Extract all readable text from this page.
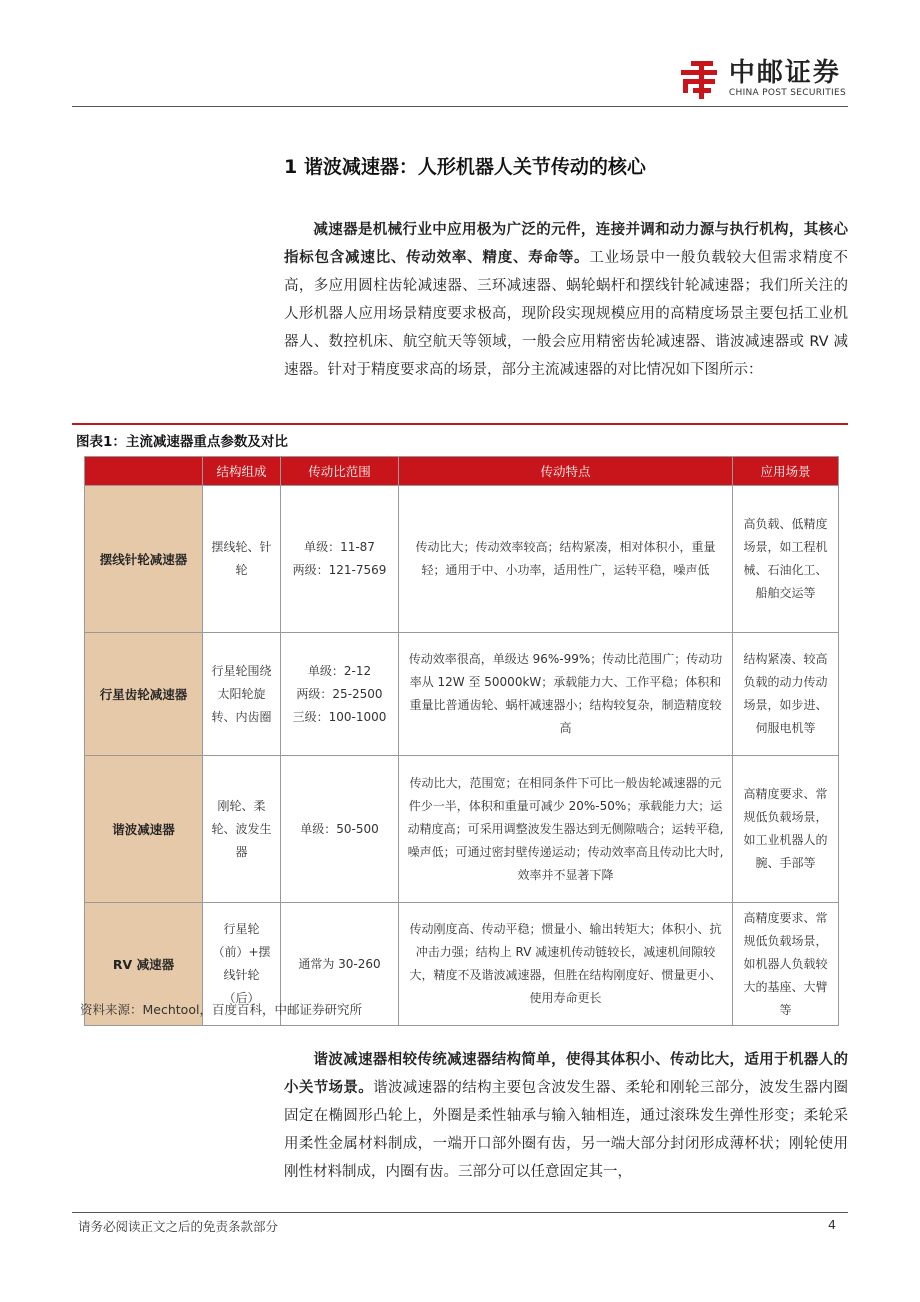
中邮证券
CHINA POST SECURITIES
1 谐波减速器：人形机器人关节传动的核心
减速器是机械行业中应用极为广泛的元件，连接并调和动力源与执行机构，其核心指标包含减速比、传动效率、精度、寿命等。工业场景中一般负载较大但需求精度不高，多应用圆柱齿轮减速器、三环减速器、蜗轮蜗杆和摆线针轮减速器；我们所关注的人形机器人应用场景精度要求极高，现阶段实现规模应用的高精度场景主要包括工业机器人、数控机床、航空航天等领域，一般会应用精密齿轮减速器、谐波减速器或 RV 减速器。针对于精度要求高的场景，部分主流减速器的对比情况如下图所示：
图表1：主流减速器重点参数及对比
	结构组成	传动比范围	传动特点	应用场景
摆线针轮减速器	摆线轮、针轮	单级：11-87
两级：121-7569	传动比大；传动效率较高；结构紧凑，相对体积小，重量轻；通用于中、小功率，适用性广，运转平稳，噪声低	高负载、低精度场景，如工程机械、石油化工、船舶交运等
行星齿轮减速器	行星轮围绕太阳轮旋转、内齿圈	单级：2-12
两级：25-2500
三级：100-1000	传动效率很高，单级达 96%-99%；传动比范围广；传动功率从 12W 至 50000kW；承载能力大、工作平稳；体积和重量比普通齿轮、蜗杆减速器小；结构较复杂，制造精度较高	结构紧凑、较高负载的动力传动场景，如步进、伺服电机等
谐波减速器	刚轮、柔轮、波发生器	单级：50-500	传动比大，范围宽；在相同条件下可比一般齿轮减速器的元件少一半，体积和重量可减少 20%-50%；承载能力大；运动精度高；可采用调整波发生器达到无侧隙啮合；运转平稳,噪声低；可通过密封壁传递运动；传动效率高且传动比大时,效率并不显著下降	高精度要求、常规低负载场景，如工业机器人的腕、手部等
RV 减速器	行星轮（前）+摆线针轮（后）	通常为 30-260	传动刚度高、传动平稳；惯量小、输出转矩大；体积小、抗冲击力强；结构上 RV 减速机传动链较长，减速机间隙较大，精度不及谐波减速器，但胜在结构刚度好、惯量更小、使用寿命更长	高精度要求、常规低负载场景，如机器人负载较大的基座、大臂等
资料来源：Mechtool，百度百科，中邮证券研究所
谐波减速器相较传统减速器结构简单，使得其体积小、传动比大，适用于机器人的小关节场景。谐波减速器的结构主要包含波发生器、柔轮和刚轮三部分，波发生器内圈固定在椭圆形凸轮上，外圈是柔性轴承与输入轴相连，通过滚珠发生弹性形变；柔轮采用柔性金属材料制成，一端开口部外圈有齿，另一端大部分封闭形成薄杯状；刚轮使用刚性材料制成，内圈有齿。三部分可以任意固定其一，
请务必阅读正文之后的免责条款部分	4
